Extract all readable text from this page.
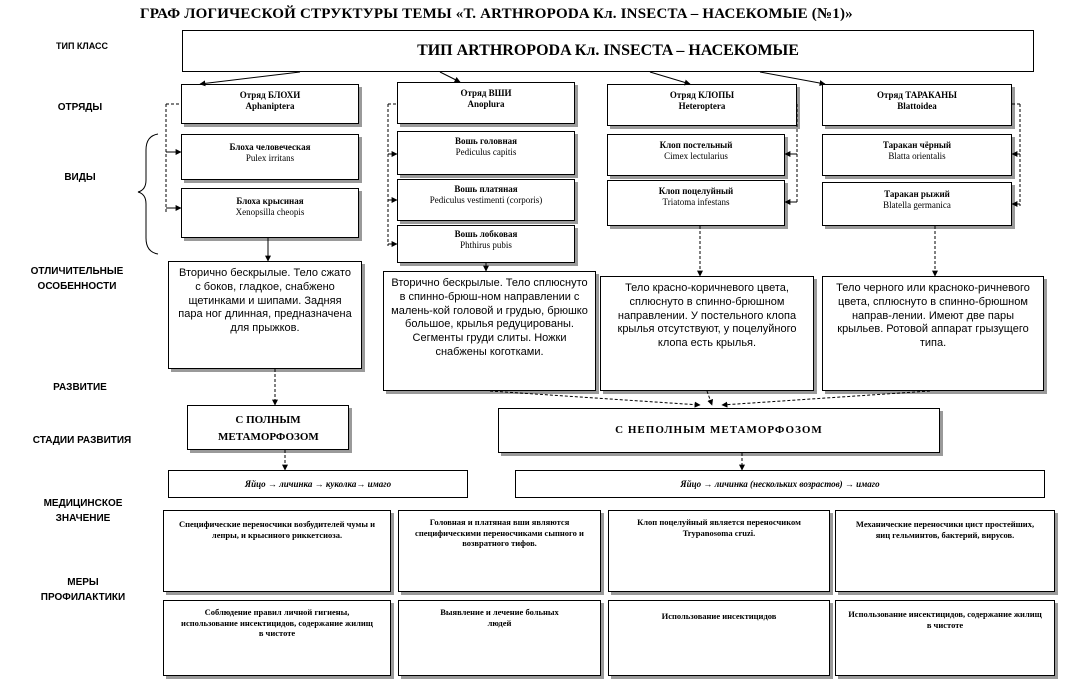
ГРАФ ЛОГИЧЕСКОЙ СТРУКТУРЫ ТЕМЫ «Т. ARTHROPODA Кл. INSECTA – НАСЕКОМЫЕ (№1)»
ТИП КЛАСС
ОТРЯДЫ
ВИДЫ
ОТЛИЧИТЕЛЬНЫЕ ОСОБЕННОСТИ
РАЗВИТИЕ
СТАДИИ РАЗВИТИЯ
МЕДИЦИНСКОЕ ЗНАЧЕНИЕ
МЕРЫ ПРОФИЛАКТИКИ
ТИП ARTHROPODA Кл. INSECTA – НАСЕКОМЫЕ
Отряд БЛОХИ
Aphaniptera
Отряд ВШИ
Anoplura
Отряд КЛОПЫ
Heteroptera
Отряд ТАРАКАНЫ
Blattoidea
Блоха человеческая
Pulex irritans
Блоха крысиная
Xenopsilla cheopis
Вошь головная
Pediculus capitis
Вошь платяная
Pediculus vestimenti (corporis)
Вошь лобковая
Phthirus pubis
Клоп постельный
Cimex lectularius
Клоп поцелуйный
Triatoma infestans
Таракан чёрный
Blatta orientalis
Таракан рыжий
Blatella germanica
Вторично бескрылые. Тело сжато с боков, гладкое, снабжено щетинками и шипами. Задняя пара ног длинная, предназначена для прыжков.
Вторично бескрылые. Тело сплюснуто в спинно-брюш-ном направлении с малень-кой головой и грудью, брюшко большое, крылья редуцированы. Сегменты груди слиты. Ножки снабжены коготками.
Тело красно-коричневого цвета, сплюснуто в спинно-брюшном направлении. У постельного клопа крылья отсутствуют, у поцелуйного клопа есть крылья.
Тело черного или красноко-ричневого цвета, сплюснуто в спинно-брюшном направ-лении. Имеют две пары крыльев. Ротовой аппарат грызущего типа.
С ПОЛНЫМ МЕТАМОРФОЗОМ
С НЕПОЛНЫМ МЕТАМОРФОЗОМ
Яйцо → личинка → куколка→ имаго	Яйцо → личинка (нескольких возрастов) → имаго
Специфические переносчики возбудителей чумы и лепры, и крысиного риккетсиоза.
Головная и платяная вши являются специфическими переносчиками сыпного и возвратного тифов.
Клоп поцелуйный является переносчиком Trypanosoma cruzi.
Механические переносчики цист простейших, яиц гельминтов, бактерий, вирусов.
Соблюдение правил личной гигиены, использование инсектицидов, содержание жилищ в чистоте
Выявление и лечение больных людей
Использование инсектицидов	Использование инсектицидов, содержание жилищ в чистоте
